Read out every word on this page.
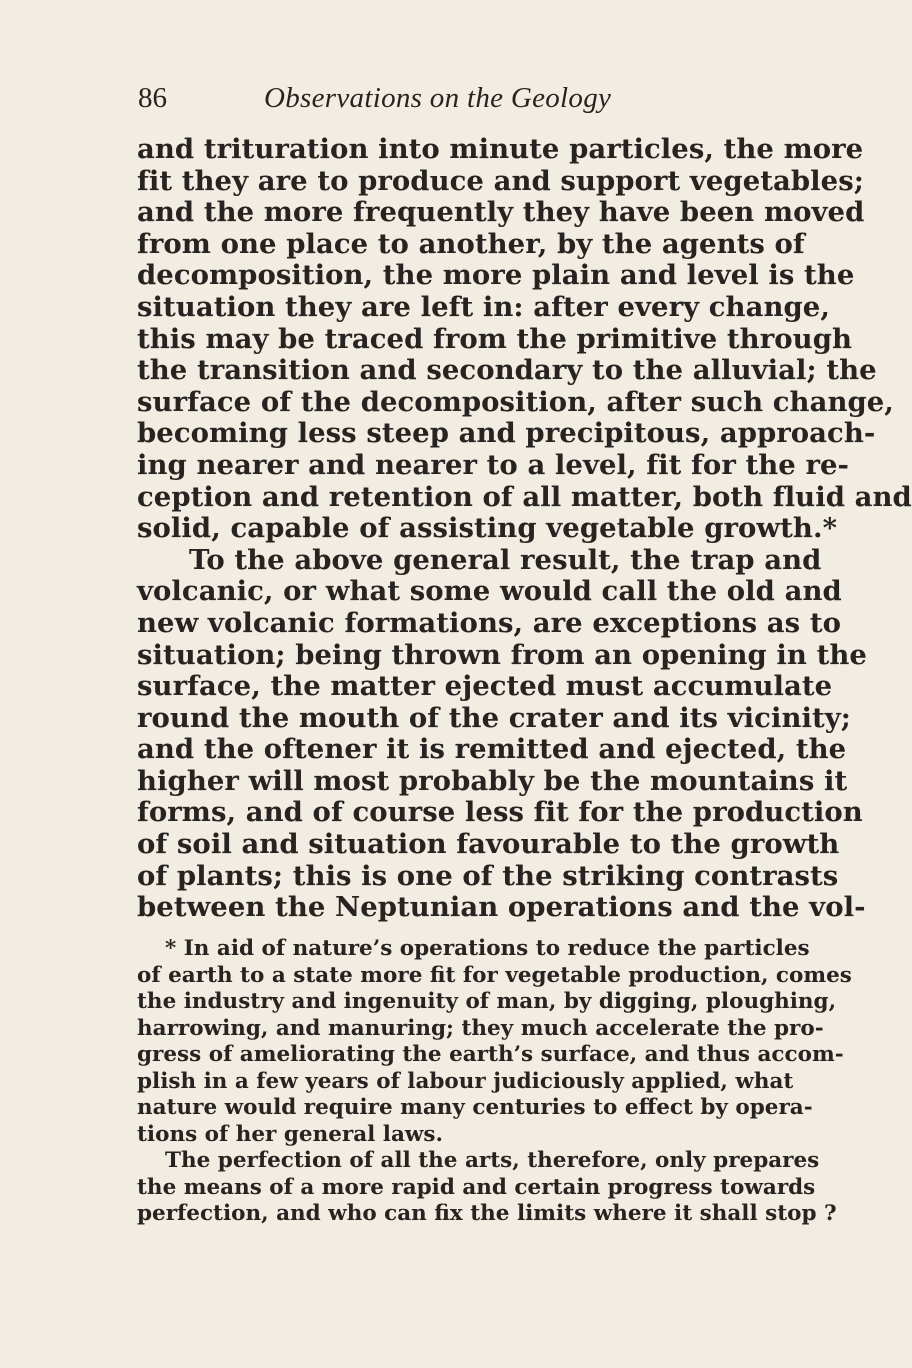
86	Observations on the Geology
and trituration into minute particles, the more
fit they are to produce and support vegetables;
and the more frequently they have been moved
from one place to another, by the agents of
decomposition, the more plain and level is the
situation they are left in: after every change,
this may be traced from the primitive through
the transition and secondary to the alluvial; the
surface of the decomposition, after such change,
becoming less steep and precipitous, approach-
ing nearer and nearer to a level, fit for the re-
ception and retention of all matter, both fluid and
solid, capable of assisting vegetable growth.*
To the above general result, the trap and
volcanic, or what some would call the old and
new volcanic formations, are exceptions as to
situation; being thrown from an opening in the
surface, the matter ejected must accumulate
round the mouth of the crater and its vicinity;
and the oftener it is remitted and ejected, the
higher will most probably be the mountains it
forms, and of course less fit for the production
of soil and situation favourable to the growth
of plants; this is one of the striking contrasts
between the Neptunian operations and the vol-
* In aid of nature’s operations to reduce the particles
of earth to a state more fit for vegetable production, comes
the industry and ingenuity of man, by digging, ploughing,
harrowing, and manuring; they much accelerate the pro-
gress of ameliorating the earth’s surface, and thus accom-
plish in a few years of labour judiciously applied, what
nature would require many centuries to effect by opera-
tions of her general laws.
The perfection of all the arts, therefore, only prepares
the means of a more rapid and certain progress towards
perfection, and who can fix the limits where it shall stop ?
